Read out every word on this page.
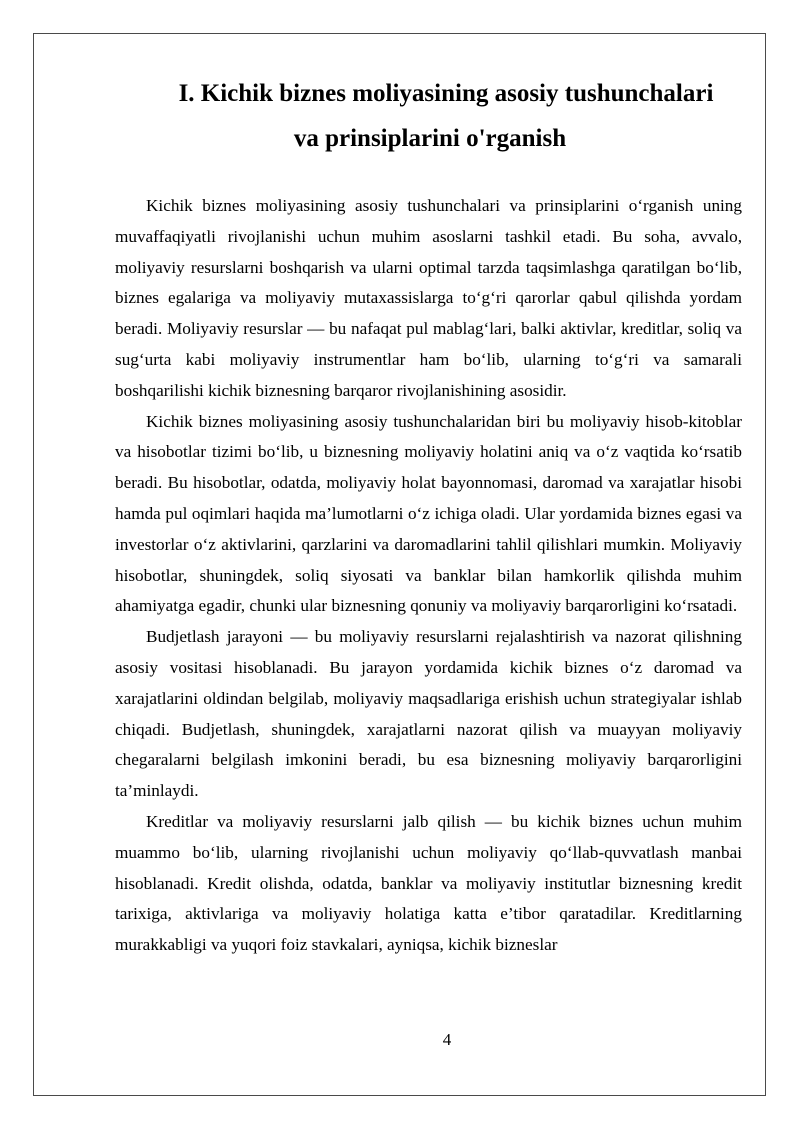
I. Kichik biznes moliyasining asosiy tushunchalari
va prinsiplarini o'rganish

Kichik biznes moliyasining asosiy tushunchalari va prinsiplarini o‘rganish uning muvaffaqiyatli rivojlanishi uchun muhim asoslarni tashkil etadi. Bu soha, avvalo, moliyaviy resurslarni boshqarish va ularni optimal tarzda taqsimlashga qaratilgan bo‘lib, biznes egalariga va moliyaviy mutaxassislarga to‘g‘ri qarorlar qabul qilishda yordam beradi. Moliyaviy resurslar — bu nafaqat pul mablag‘lari, balki aktivlar, kreditlar, soliq va sug‘urta kabi moliyaviy instrumentlar ham bo‘lib, ularning to‘g‘ri va samarali boshqarilishi kichik biznesning barqaror rivojlanishining asosidir.

Kichik biznes moliyasining asosiy tushunchalaridan biri bu moliyaviy hisob-kitoblar va hisobotlar tizimi bo‘lib, u biznesning moliyaviy holatini aniq va o‘z vaqtida ko‘rsatib beradi. Bu hisobotlar, odatda, moliyaviy holat bayonnomasi, daromad va xarajatlar hisobi hamda pul oqimlari haqida ma’lumotlarni o‘z ichiga oladi. Ular yordamida biznes egasi va investorlar o‘z aktivlarini, qarzlarini va daromadlarini tahlil qilishlari mumkin. Moliyaviy hisobotlar, shuningdek, soliq siyosati va banklar bilan hamkorlik qilishda muhim ahamiyatga egadir, chunki ular biznesning qonuniy va moliyaviy barqarorligini ko‘rsatadi.

Budjetlash jarayoni — bu moliyaviy resurslarni rejalashtirish va nazorat qilishning asosiy vositasi hisoblanadi. Bu jarayon yordamida kichik biznes o‘z daromad va xarajatlarini oldindan belgilab, moliyaviy maqsadlariga erishish uchun strategiyalar ishlab chiqadi. Budjetlash, shuningdek, xarajatlarni nazorat qilish va muayyan moliyaviy chegaralarni belgilash imkonini beradi, bu esa biznesning moliyaviy barqarorligini ta’minlaydi.

Kreditlar va moliyaviy resurslarni jalb qilish — bu kichik biznes uchun muhim muammo bo‘lib, ularning rivojlanishi uchun moliyaviy qo‘llab-quvvatlash manbai hisoblanadi. Kredit olishda, odatda, banklar va moliyaviy institutlar biznesning kredit tarixiga, aktivlariga va moliyaviy holatiga katta e’tibor qaratadilar. Kreditlarning murakkabligi va yuqori foiz stavkalari, ayniqsa, kichik bizneslar

4
